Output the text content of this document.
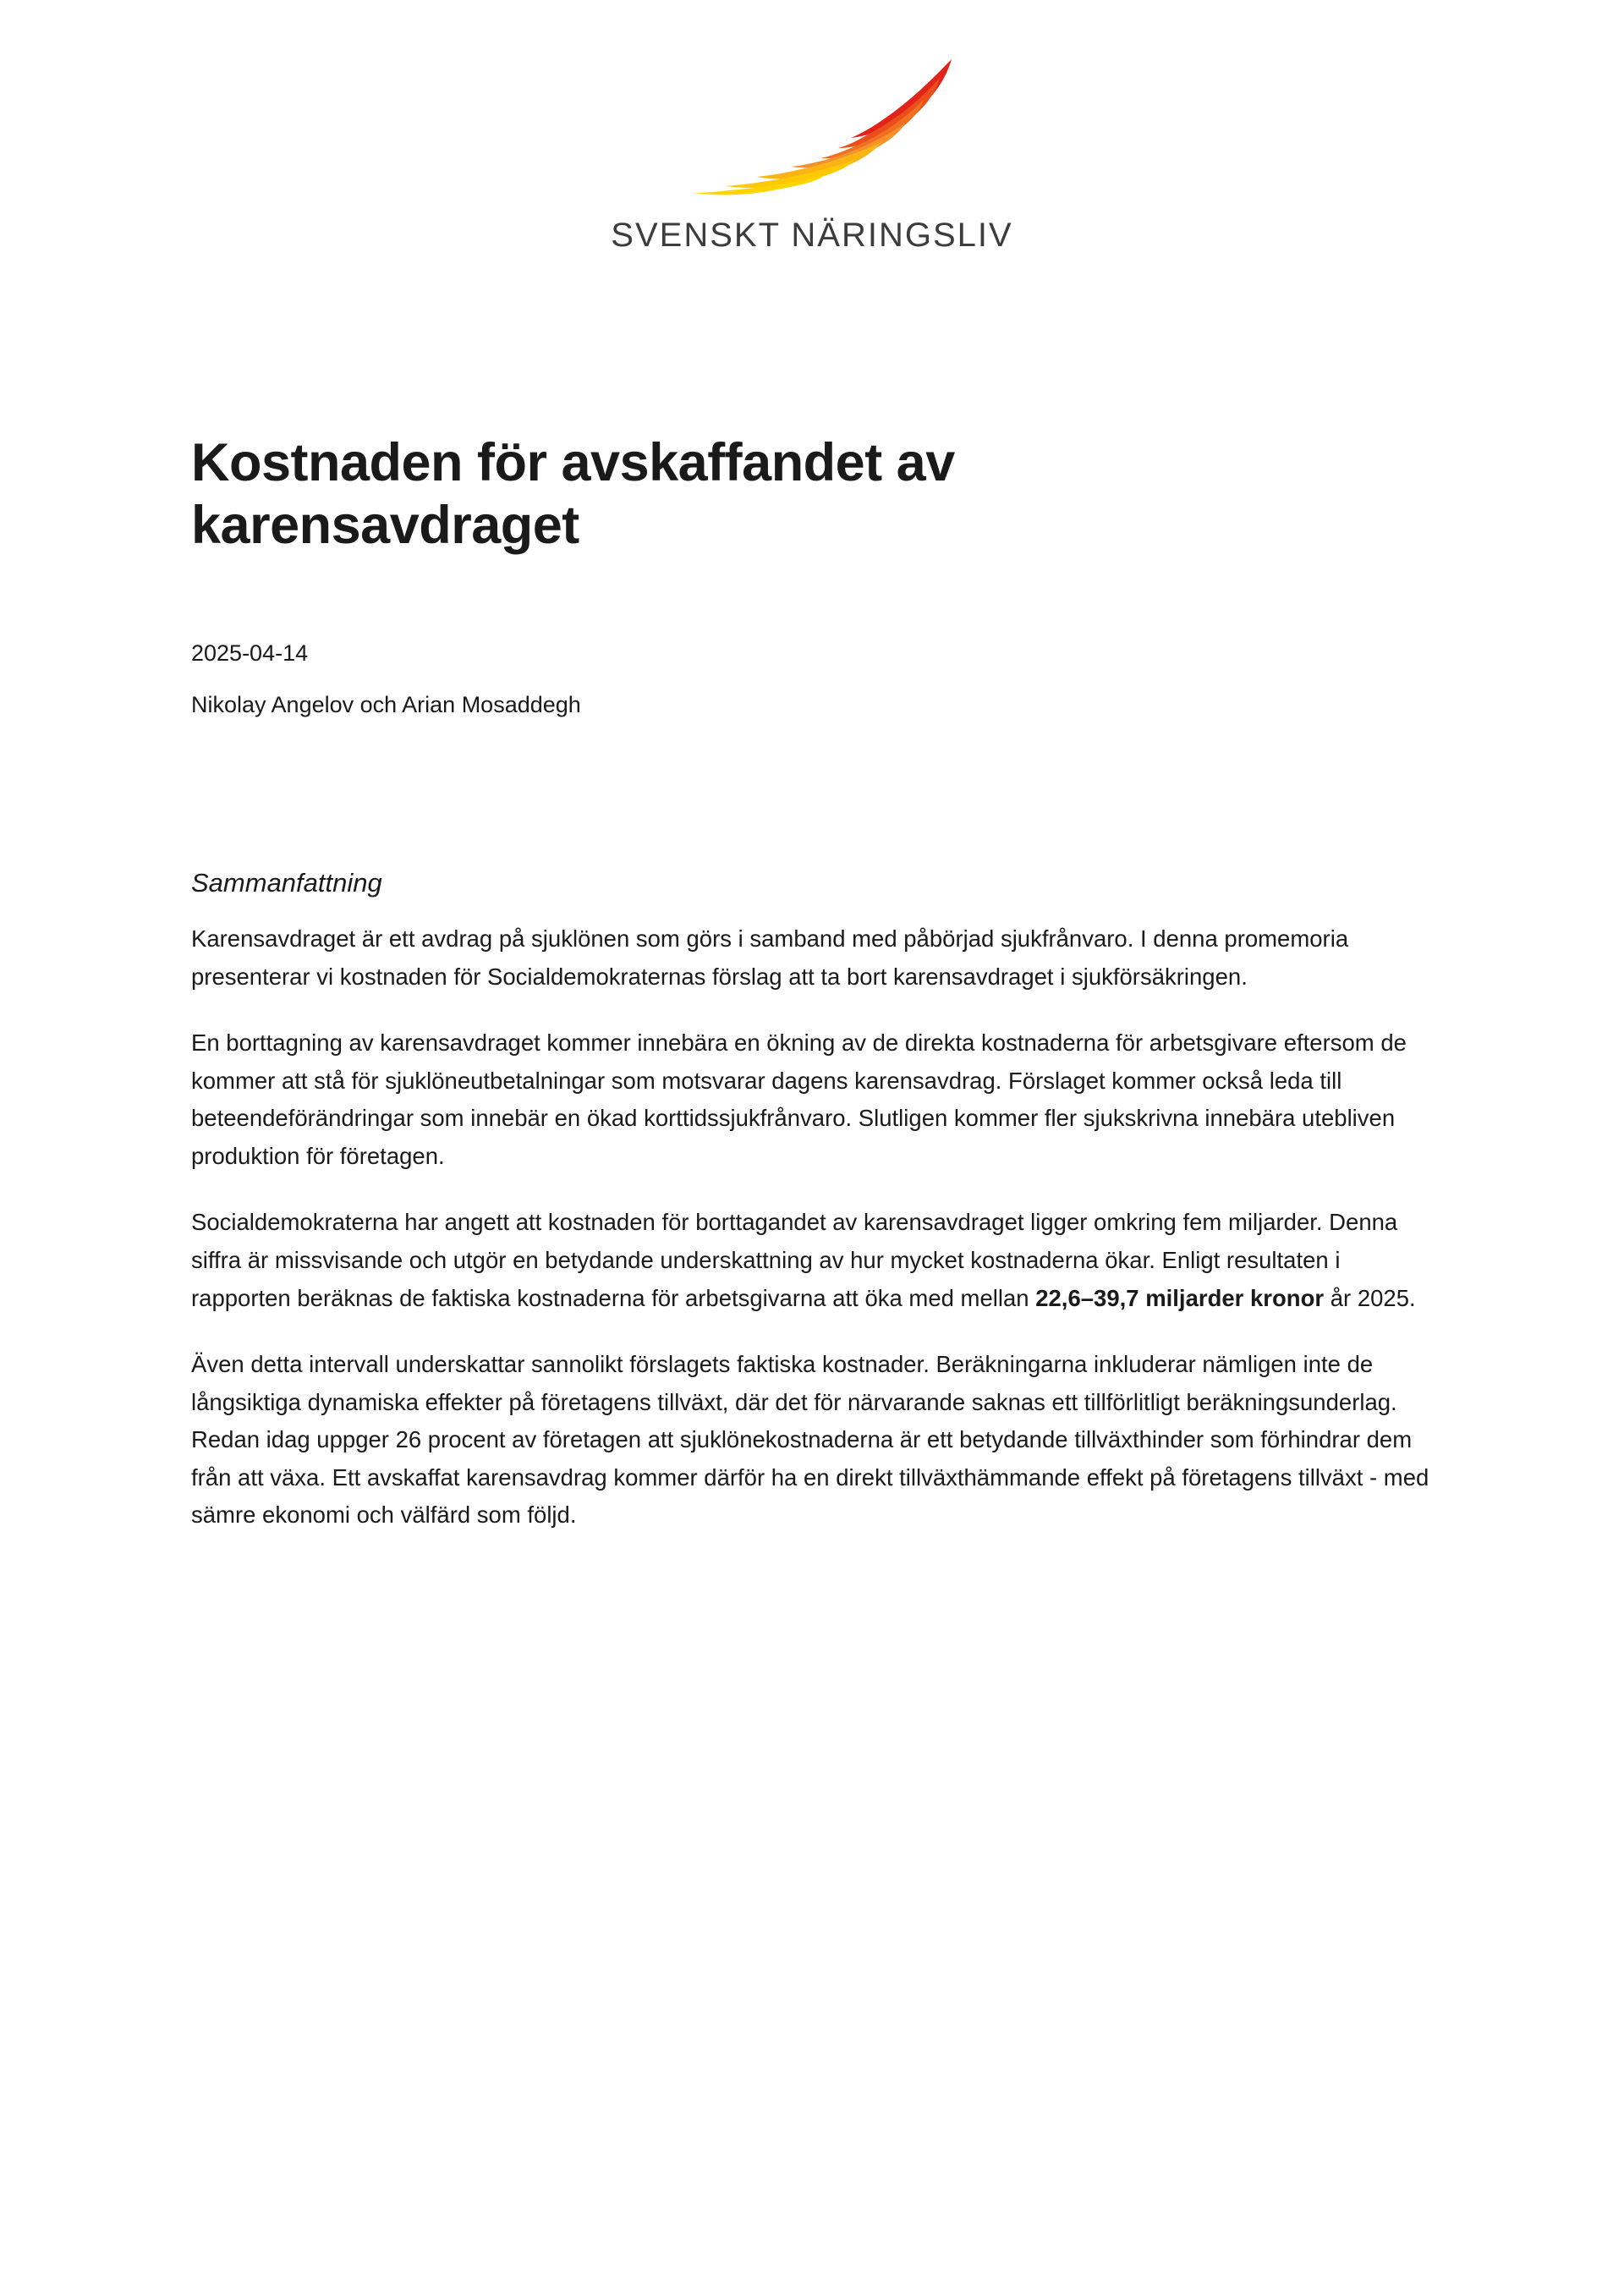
SVENSKT NÄRINGSLIV
Kostnaden för avskaffandet av karensavdraget
2025-04-14
Nikolay Angelov och Arian Mosaddegh
Sammanfattning

Karensavdraget är ett avdrag på sjuklönen som görs i samband med påbörjad sjukfrånvaro. I denna promemoria presenterar vi kostnaden för Socialdemokraternas förslag att ta bort karensavdraget i sjukförsäkringen.

En borttagning av karensavdraget kommer innebära en ökning av de direkta kostnaderna för arbetsgivare eftersom de kommer att stå för sjuklöneutbetalningar som motsvarar dagens karensavdrag. Förslaget kommer också leda till beteendeförändringar som innebär en ökad korttidssjukfrånvaro. Slutligen kommer fler sjukskrivna innebära utebliven produktion för företagen.

Socialdemokraterna har angett att kostnaden för borttagandet av karensavdraget ligger omkring fem miljarder. Denna siffra är missvisande och utgör en betydande underskattning av hur mycket kostnaderna ökar. Enligt resultaten i rapporten beräknas de faktiska kostnaderna för arbetsgivarna att öka med mellan 22,6–39,7 miljarder kronor år 2025.

Även detta intervall underskattar sannolikt förslagets faktiska kostnader. Beräkningarna inkluderar nämligen inte de långsiktiga dynamiska effekter på företagens tillväxt, där det för närvarande saknas ett tillförlitligt beräkningsunderlag. Redan idag uppger 26 procent av företagen att sjuklönekostnaderna är ett betydande tillväxthinder som förhindrar dem från att växa. Ett avskaffat karensavdrag kommer därför ha en direkt tillväxthämmande effekt på företagens tillväxt - med sämre ekonomi och välfärd som följd.
